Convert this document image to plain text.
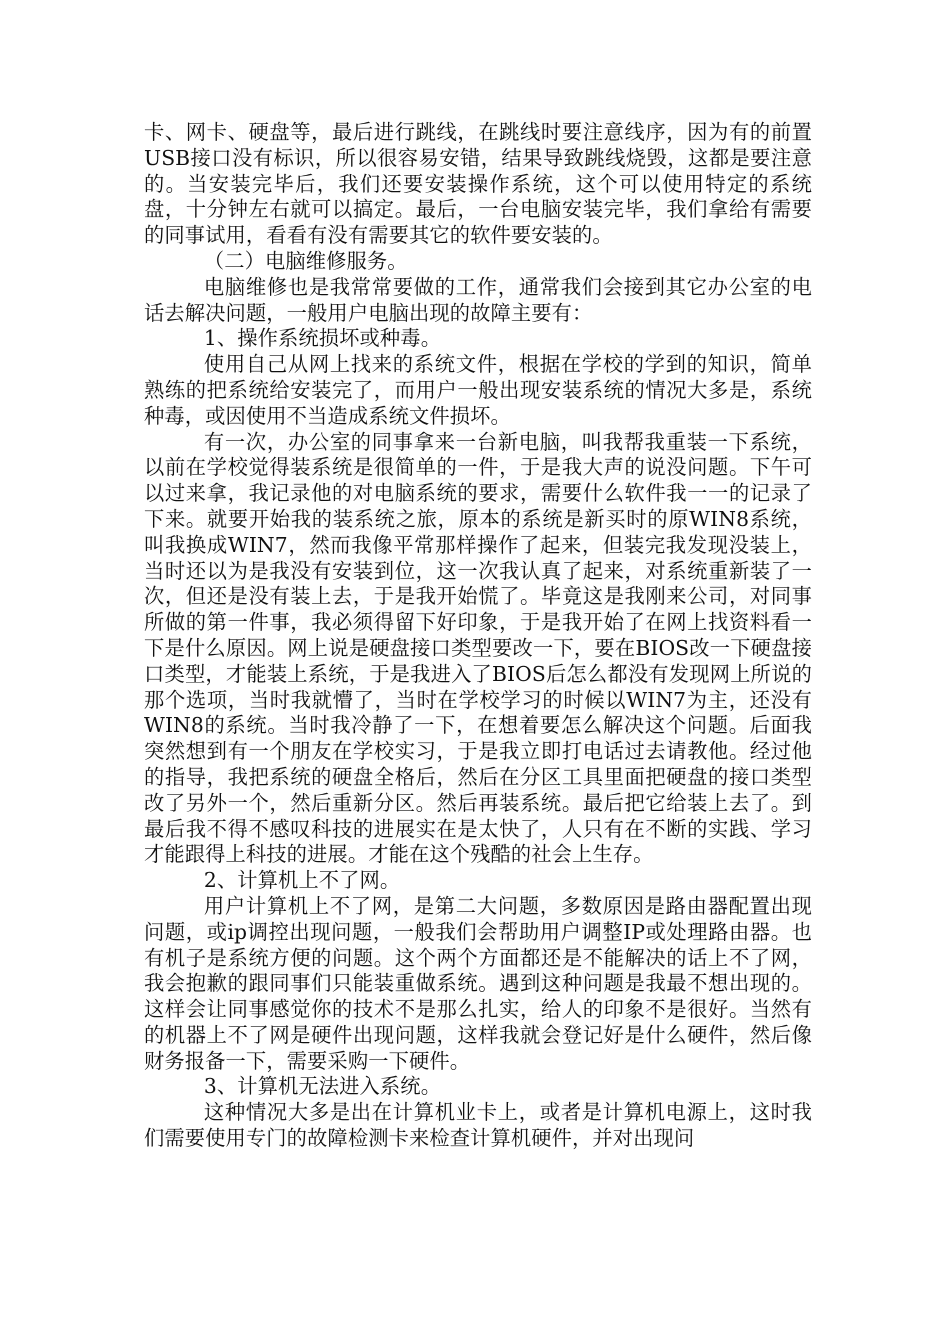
卡、网卡、硬盘等，最后进行跳线，在跳线时要注意线序，因为有的前置USB接口没有标识，所以很容易安错，结果导致跳线烧毁，这都是要注意的。当安装完毕后，我们还要安装操作系统，这个可以使用特定的系统盘，十分钟左右就可以搞定。最后，一台电脑安装完毕，我们拿给有需要的同事试用，看看有没有需要其它的软件要安装的。

（二）电脑维修服务。

电脑维修也是我常常要做的工作，通常我们会接到其它办公室的电话去解决问题，一般用户电脑出现的故障主要有：

1、操作系统损坏或种毒。

使用自己从网上找来的系统文件，根据在学校的学到的知识，简单熟练的把系统给安装完了，而用户一般出现安装系统的情况大多是，系统种毒，或因使用不当造成系统文件损坏。

有一次，办公室的同事拿来一台新电脑，叫我帮我重装一下系统，以前在学校觉得装系统是很简单的一件，于是我大声的说没问题。下午可以过来拿，我记录他的对电脑系统的要求，需要什么软件我一一的记录了下来。就要开始我的装系统之旅，原本的系统是新买时的原WIN8系统，叫我换成WIN7，然而我像平常那样操作了起来，但装完我发现没装上，当时还以为是我没有安装到位，这一次我认真了起来，对系统重新装了一次，但还是没有装上去，于是我开始慌了。毕竟这是我刚来公司，对同事所做的第一件事，我必须得留下好印象，于是我开始了在网上找资料看一下是什么原因。网上说是硬盘接口类型要改一下，要在BIOS改一下硬盘接口类型，才能装上系统，于是我进入了BIOS后怎么都没有发现网上所说的那个选项，当时我就懵了，当时在学校学习的时候以WIN7为主，还没有WIN8的系统。当时我冷静了一下，在想着要怎么解决这个问题。后面我突然想到有一个朋友在学校实习，于是我立即打电话过去请教他。经过他的指导，我把系统的硬盘全格后，然后在分区工具里面把硬盘的接口类型改了另外一个，然后重新分区。然后再装系统。最后把它给装上去了。到最后我不得不感叹科技的进展实在是太快了，人只有在不断的实践、学习才能跟得上科技的进展。才能在这个残酷的社会上生存。

2、计算机上不了网。

用户计算机上不了网，是第二大问题，多数原因是路由器配置出现问题，或ip调控出现问题，一般我们会帮助用户调整IP或处理路由器。也有机子是系统方便的问题。这个两个方面都还是不能解决的话上不了网，我会抱歉的跟同事们只能装重做系统。遇到这种问题是我最不想出现的。这样会让同事感觉你的技术不是那么扎实，给人的印象不是很好。当然有的机器上不了网是硬件出现问题，这样我就会登记好是什么硬件，然后像财务报备一下，需要采购一下硬件。

3、计算机无法进入系统。

这种情况大多是出在计算机业卡上，或者是计算机电源上，这时我们需要使用专门的故障检测卡来检查计算机硬件，并对出现问
